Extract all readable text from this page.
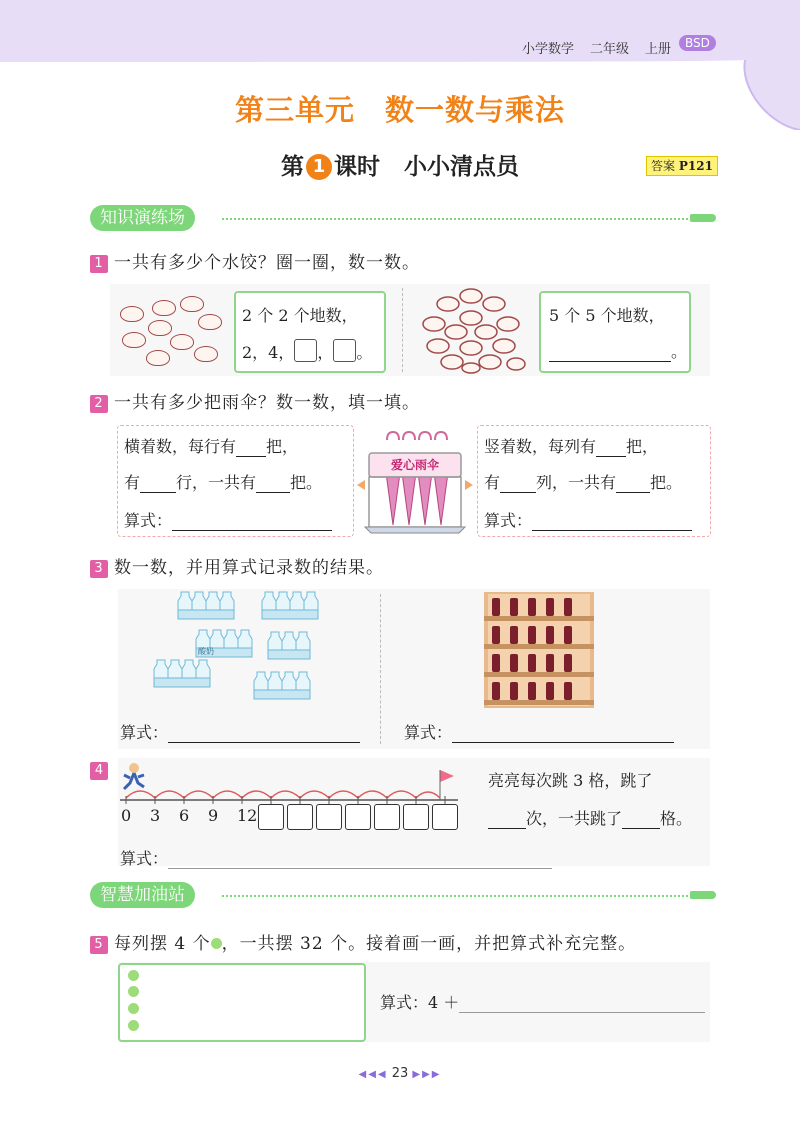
小学数学 二年级 上册	BSD
第三单元　数一数与乘法
第 1 课时 小小清点员	答案 P121
知识演练场
1 一共有多少个水饺？圈一圈，数一数。
2 个 2 个地数，
2，4， ， 。
5 个 5 个地数，
。
2 一共有多少把雨伞？数一数，填一填。
横着数，每行有 把，
有 行，一共有 把。
算式：
爱心雨伞
竖着数，每列有 把，
有 列，一共有 把。
算式：
3 数一数，并用算式记录数的结果。
酸奶
算式：	算式：
4
0 3 6 9 12
亮亮每次跳 3 格，跳了
次，一共跳了 格。
算式：
智慧加油站
5 每列摆 4 个 ，一共摆 32 个。接着画一画，并把算式补充完整。
算式：4 ＋
◀◀◀ 23 ▶▶▶
